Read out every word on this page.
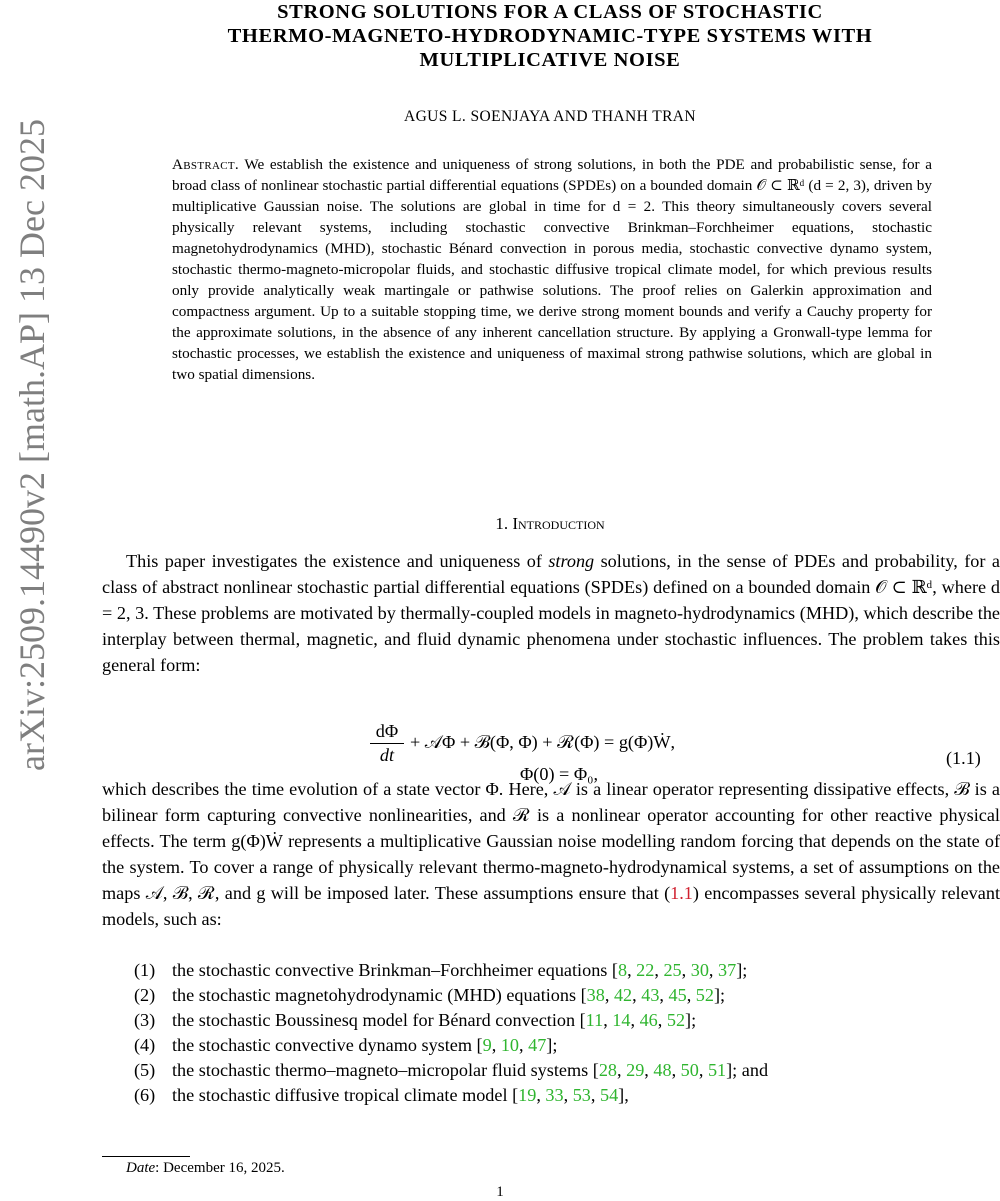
arXiv:2509.14490v2 [math.AP] 13 Dec 2025
STRONG SOLUTIONS FOR A CLASS OF STOCHASTIC
THERMO-MAGNETO-HYDRODYNAMIC-TYPE SYSTEMS WITH
MULTIPLICATIVE NOISE
AGUS L. SOENJAYA AND THANH TRAN
Abstract. We establish the existence and uniqueness of strong solutions, in both the PDE and probabilistic sense, for a broad class of nonlinear stochastic partial differential equations (SPDEs) on a bounded domain 𝒪 ⊂ ℝᵈ (d = 2, 3), driven by multiplicative Gaussian noise. The solutions are global in time for d = 2. This theory simultaneously covers several physically relevant systems, including stochastic convective Brinkman–Forchheimer equations, stochastic magnetohydrodynamics (MHD), stochastic Bénard convection in porous media, stochastic convective dynamo system, stochastic thermo-magneto-micropolar fluids, and stochastic diffusive tropical climate model, for which previous results only provide analytically weak martingale or pathwise solutions. The proof relies on Galerkin approximation and compactness argument. Up to a suitable stopping time, we derive strong moment bounds and verify a Cauchy property for the approximate solutions, in the absence of any inherent cancellation structure. By applying a Gronwall-type lemma for stochastic processes, we establish the existence and uniqueness of maximal strong pathwise solutions, which are global in two spatial dimensions.
1. Introduction
This paper investigates the existence and uniqueness of strong solutions, in the sense of PDEs and probability, for a class of abstract nonlinear stochastic partial differential equations (SPDEs) defined on a bounded domain 𝒪 ⊂ ℝᵈ, where d = 2, 3. These problems are motivated by thermally-coupled models in magneto-hydrodynamics (MHD), which describe the interplay between thermal, magnetic, and fluid dynamic phenomena under stochastic influences. The problem takes this general form:
$\frac{d\Phi}{dt}$ + 𝒜Φ + ℬ(Φ, Φ) + ℛ(Φ) = g(Φ)Ẇ,
Φ(0) = Φ₀,
(1.1)
which describes the time evolution of a state vector Φ. Here, 𝒜 is a linear operator representing dissipative effects, ℬ is a bilinear form capturing convective nonlinearities, and ℛ is a nonlinear operator accounting for other reactive physical effects. The term g(Φ)Ẇ represents a multiplicative Gaussian noise modelling random forcing that depends on the state of the system. To cover a range of physically relevant thermo-magneto-hydrodynamical systems, a set of assumptions on the maps 𝒜, ℬ, ℛ, and g will be imposed later. These assumptions ensure that (1.1) encompasses several physically relevant models, such as:
(1) the stochastic convective Brinkman–Forchheimer equations [8, 22, 25, 30, 37];
(2) the stochastic magnetohydrodynamic (MHD) equations [38, 42, 43, 45, 52];
(3) the stochastic Boussinesq model for Bénard convection [11, 14, 46, 52];
(4) the stochastic convective dynamo system [9, 10, 47];
(5) the stochastic thermo–magneto–micropolar fluid systems [28, 29, 48, 50, 51]; and
(6) the stochastic diffusive tropical climate model [19, 33, 53, 54],
Date: December 16, 2025.
1
